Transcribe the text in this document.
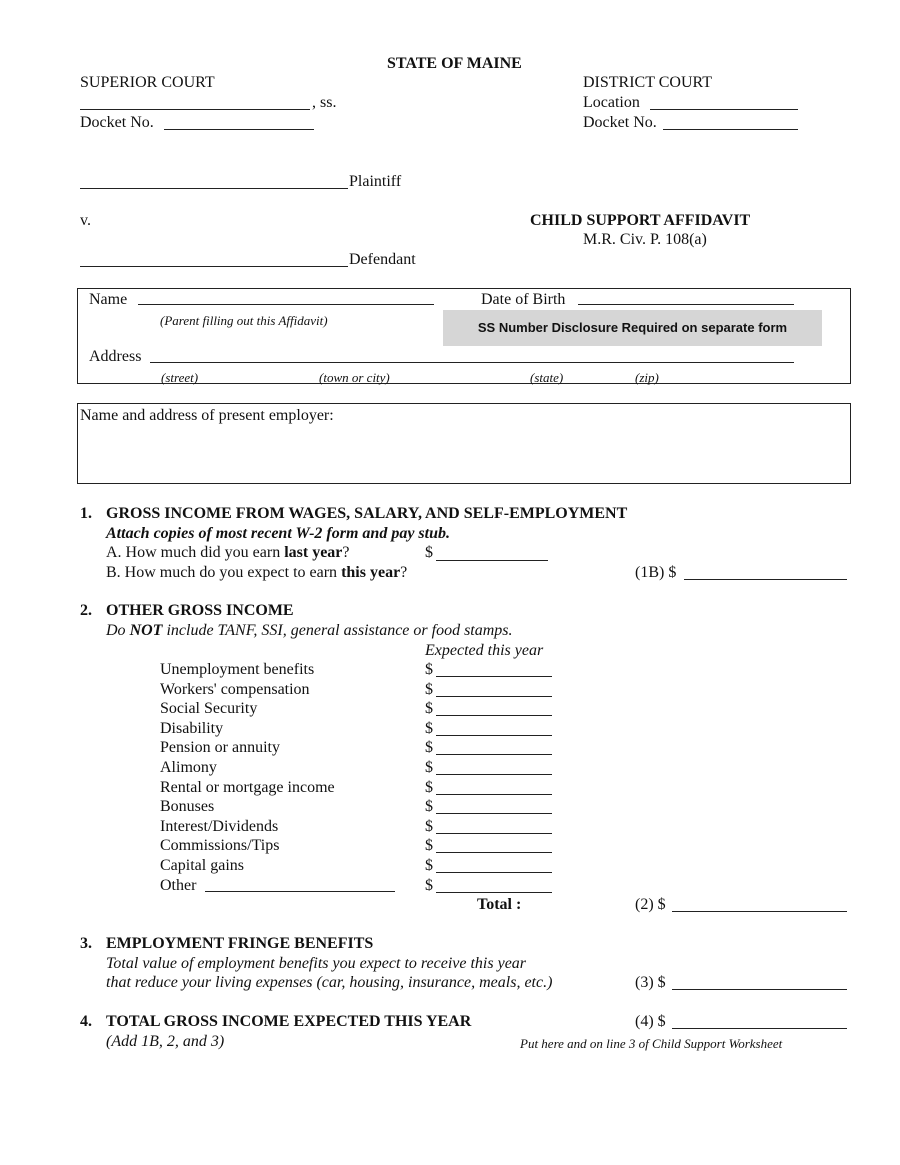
STATE OF MAINE
SUPERIOR COURT
, ss.
Docket No.
DISTRICT COURT
Location
Docket No.
Plaintiff
v.	CHILD SUPPORT AFFIDAVIT
M.R. Civ. P. 108(a)
Defendant
Name
(Parent filling out this Affidavit)
Date of Birth
SS Number Disclosure Required on separate form
Address
(street)	(town or city)	(state)	(zip)
Name and address of present employer:
1. GROSS INCOME FROM WAGES, SALARY, AND SELF-EMPLOYMENT
Attach copies of most recent W-2 form and pay stub.
A. How much did you earn last year?	$
B. How much do you expect to earn this year?	(1B) $
2. OTHER GROSS INCOME
Do NOT include TANF, SSI, general assistance or food stamps.
Expected this year
Unemployment benefits	$
Workers' compensation	$
Social Security	$
Disability	$
Pension or annuity	$
Alimony	$
Rental or mortgage income	$
Bonuses	$
Interest/Dividends	$
Commissions/Tips	$
Capital gains	$
Other	$
Total :	(2) $
3. EMPLOYMENT FRINGE BENEFITS
Total value of employment benefits you expect to receive this year
that reduce your living expenses (car, housing, insurance, meals, etc.)	(3) $
4. TOTAL GROSS INCOME EXPECTED THIS YEAR	(4) $
(Add 1B, 2, and 3)	Put here and on line 3 of Child Support Worksheet
